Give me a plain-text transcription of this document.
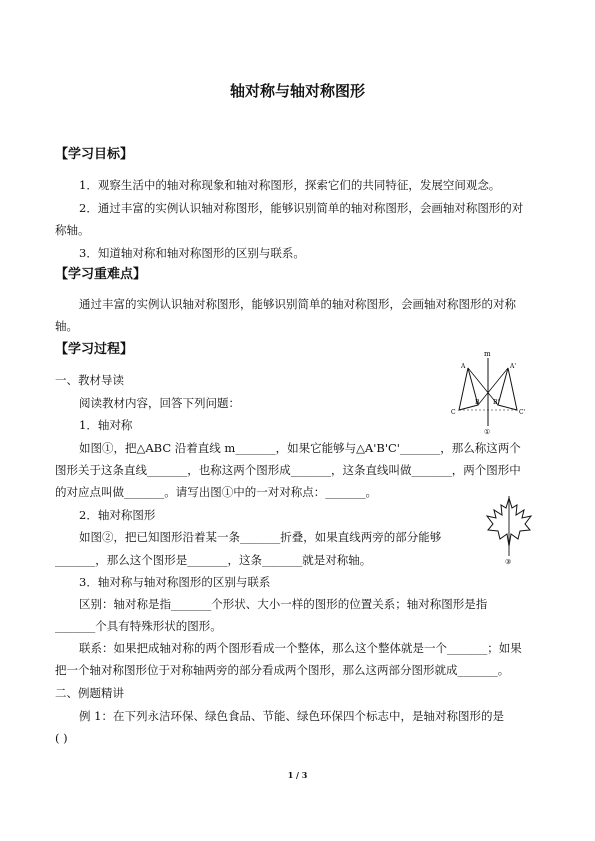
轴对称与轴对称图形
【学习目标】
1．观察生活中的轴对称现象和轴对称图形，探索它们的共同特征，发展空间观念。
2．通过丰富的实例认识轴对称图形，能够识别简单的轴对称图形，会画轴对称图形的对
称轴。
3．知道轴对称和轴对称图形的区别与联系。
【学习重难点】
通过丰富的实例认识轴对称图形，能够识别简单的轴对称图形，会画轴对称图形的对称
轴。
【学习过程】
一、教材导读
阅读教材内容，回答下列问题：
1．轴对称
如图①，把△ABC 沿着直线 m_______，如果它能够与△A'B'C'_______，那么称这两个
图形关于这条直线_______，也称这两个图形成_______，这条直线叫做_______，两个图形中
的对应点叫做_______。请写出图①中的一对对称点：_______。
2．轴对称图形
如图②，把已知图形沿着某一条_______折叠，如果直线两旁的部分能够
_______，那么这个图形是_______，这条_______就是对称轴。
3．轴对称与轴对称图形的区别与联系
区别：轴对称是指_______个形状、大小一样的图形的位置关系；轴对称图形是指
_______个具有特殊形状的图形。
联系：如果把成轴对称的两个图形看成一个整体，那么这个整体就是一个_______；如果
把一个轴对称图形位于对称轴两旁的部分看成两个图形，那么这两部分图形就成_______。
二、例题精讲
例 1：在下列永洁环保、绿色食品、节能、绿色环保四个标志中，是轴对称图形的是
( )
m
A	A'
B B'
C	C'
①
③
1 / 3
